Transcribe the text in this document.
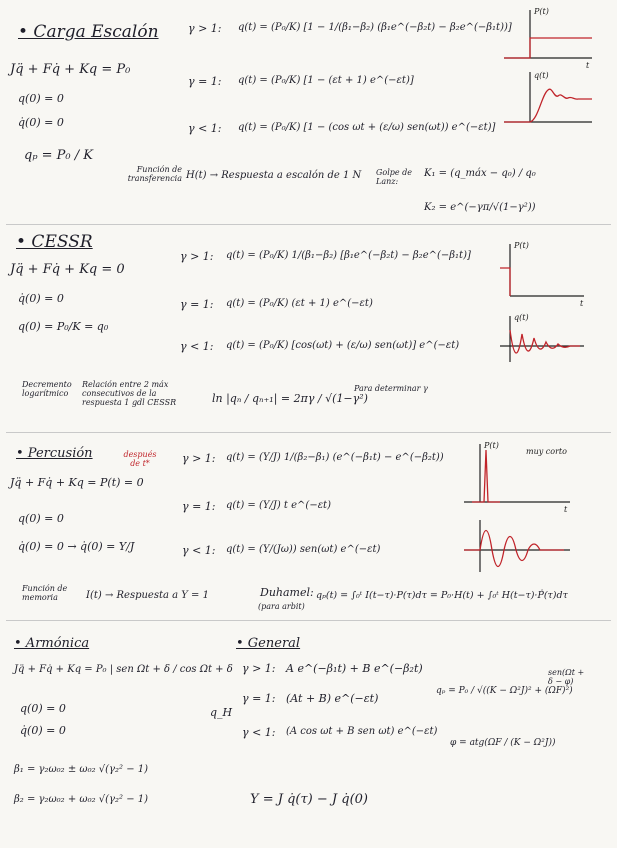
• Carga Escalón
Jq̈ + Fq̇ + Kq = P₀
q(0) = 0
q̇(0) = 0
qₚ = P₀ / K
γ > 1: q(t) = (P₀/K) [1 − 1/(β₁−β₂) (β₁e^(−β₂t) − β₂e^(−β₁t))]
γ = 1: q(t) = (P₀/K) [1 − (εt + 1) e^(−εt)]
γ < 1: q(t) = (P₀/K) [1 − (cos ωt + (ε/ω) sen(ωt)) e^(−εt)]
Función de transferencia H(t) → Respuesta a escalón de 1 N Golpe de Lanz:
K₁ = (q_máx − q₀) / q₀
K₂ = e^(−γπ/√(1−γ²))
P(t)
t
q(t)
• CESSR
Jq̈ + Fq̇ + Kq = 0
q̇(0) = 0
q(0) = P₀/K = q₀
γ > 1: q(t) = (P₀/K) 1/(β₁−β₂) [β₁e^(−β₂t) − β₂e^(−β₁t)]
γ = 1: q(t) = (P₀/K) (εt + 1) e^(−εt)
γ < 1: q(t) = (P₀/K) [cos(ωt) + (ε/ω) sen(ωt)] e^(−εt)
Decremento logarítmico
Relación entre 2 máx consecutivos de la respuesta 1 gdl CESSR	ln |qₙ / qₙ₊₁| = 2πγ / √(1−γ²)
Para determinar γ
P(t)
t
q(t)
• Percusión
Jq̈ + Fq̇ + Kq = P(t) = 0
después de t*
q(0) = 0
q̇(0) = 0 → q̇(0) = Y/J
γ > 1: q(t) = (Y/J) 1/(β₂−β₁) (e^(−β₁t) − e^(−β₂t))
γ = 1: q(t) = (Y/J) t e^(−εt)
γ < 1: q(t) = (Y/(Jω)) sen(ωt) e^(−εt)
Función de memoria	I(t) → Respuesta a Y = 1	Duhamel:
(para arbit)
qₚ(t) = ∫₀ᵗ I(t−τ)·P(τ)dτ = P₀·H(t) + ∫₀ᵗ H(t−τ)·Ṗ(τ)dτ
P(t)
muy corto
t
• Armónica
Jq̈ + Fq̇ + Kq = P₀ | sen Ωt + δ / cos Ωt + δ
q(0) = 0
q̇(0) = 0
β₁ = γ₂ω₀₂ ± ω₀₂ √(γ₂² − 1)
β₂ = γ₂ω₀₂ + ω₀₂ √(γ₂² − 1)
• General
q_H
γ > 1: A e^(−β₁t) + B e^(−β₂t)
γ = 1: (At + B) e^(−εt)
γ < 1: (A cos ωt + B sen ωt) e^(−εt)
qₚ = P₀ / √((K − Ω²J)² + (ΩF)²)
sen(Ωt + δ − φ)
φ = atg(ΩF / (K − Ω²J))
Y = J q̇(τ) − J q̇(0)
